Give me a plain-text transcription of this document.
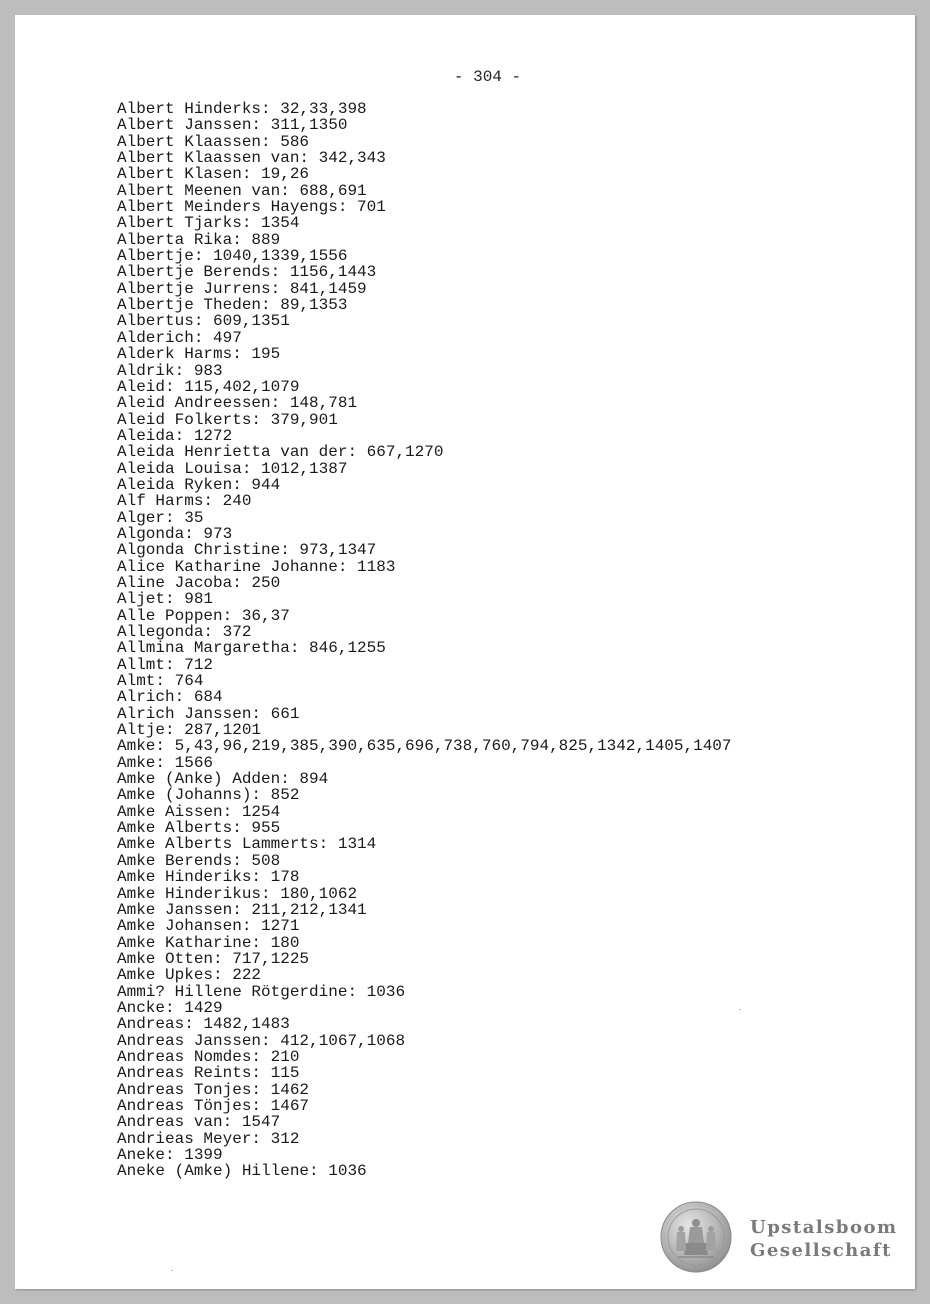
- 304 -
Albert Hinderks: 32,33,398
Albert Janssen: 311,1350
Albert Klaassen: 586
Albert Klaassen van: 342,343
Albert Klasen: 19,26
Albert Meenen van: 688,691
Albert Meinders Hayengs: 701
Albert Tjarks: 1354
Alberta Rika: 889
Albertje: 1040,1339,1556
Albertje Berends: 1156,1443
Albertje Jurrens: 841,1459
Albertje Theden: 89,1353
Albertus: 609,1351
Alderich: 497
Alderk Harms: 195
Aldrik: 983
Aleid: 115,402,1079
Aleid Andreessen: 148,781
Aleid Folkerts: 379,901
Aleida: 1272
Aleida Henrietta van der: 667,1270
Aleida Louisa: 1012,1387
Aleida Ryken: 944
Alf Harms: 240
Alger: 35
Algonda: 973
Algonda Christine: 973,1347
Alice Katharine Johanne: 1183
Aline Jacoba: 250
Aljet: 981
Alle Poppen: 36,37
Allegonda: 372
Allmina Margaretha: 846,1255
Allmt: 712
Almt: 764
Alrich: 684
Alrich Janssen: 661
Altje: 287,1201
Amke: 5,43,96,219,385,390,635,696,738,760,794,825,1342,1405,1407
Amke: 1566
Amke (Anke) Adden: 894
Amke (Johanns): 852
Amke Aissen: 1254
Amke Alberts: 955
Amke Alberts Lammerts: 1314
Amke Berends: 508
Amke Hinderiks: 178
Amke Hinderikus: 180,1062
Amke Janssen: 211,212,1341
Amke Johansen: 1271
Amke Katharine: 180
Amke Otten: 717,1225
Amke Upkes: 222
Ammi? Hillene Rötgerdine: 1036
Ancke: 1429
Andreas: 1482,1483
Andreas Janssen: 412,1067,1068
Andreas Nomdes: 210
Andreas Reints: 115
Andreas Tonjes: 1462
Andreas Tönjes: 1467
Andreas van: 1547
Andrieas Meyer: 312
Aneke: 1399
Aneke (Amke) Hillene: 1036
Upstalsboom
Gesellschaft
